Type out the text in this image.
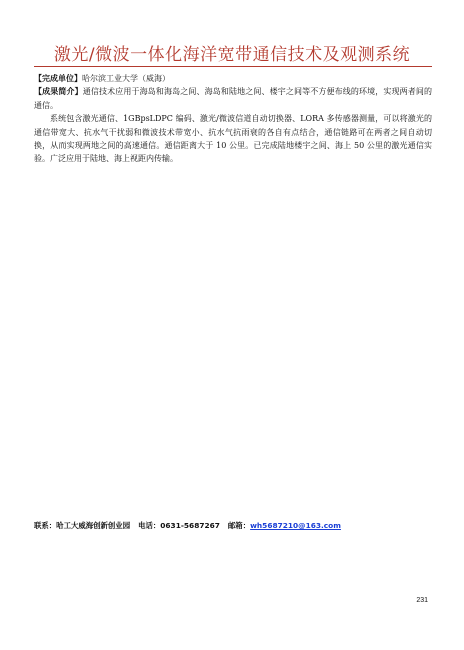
激光/微波一体化海洋宽带通信技术及观测系统

【完成单位】哈尔滨工业大学（威海）

【成果简介】通信技术应用于海岛和海岛之间、海岛和陆地之间、楼宇之间等不方便布线的环境，实现两者间的通信。

系统包含激光通信、1GBpsLDPC 编码、激光/微波信道自动切换器、LORA 多传感器测量，可以将激光的通信带宽大、抗水气干扰弱和微波技术带宽小、抗水气抗雨衰的各自有点结合，通信链路可在两者之间自动切换，从而实现两地之间的高速通信。通信距离大于 10 公里。已完成陆地楼宇之间、海上 50 公里的激光通信实验。广泛应用于陆地、海上视距内传输。

联系：哈工大威海创新创业园 电话：0631-5687267 邮箱：wh5687210@163.com
231
